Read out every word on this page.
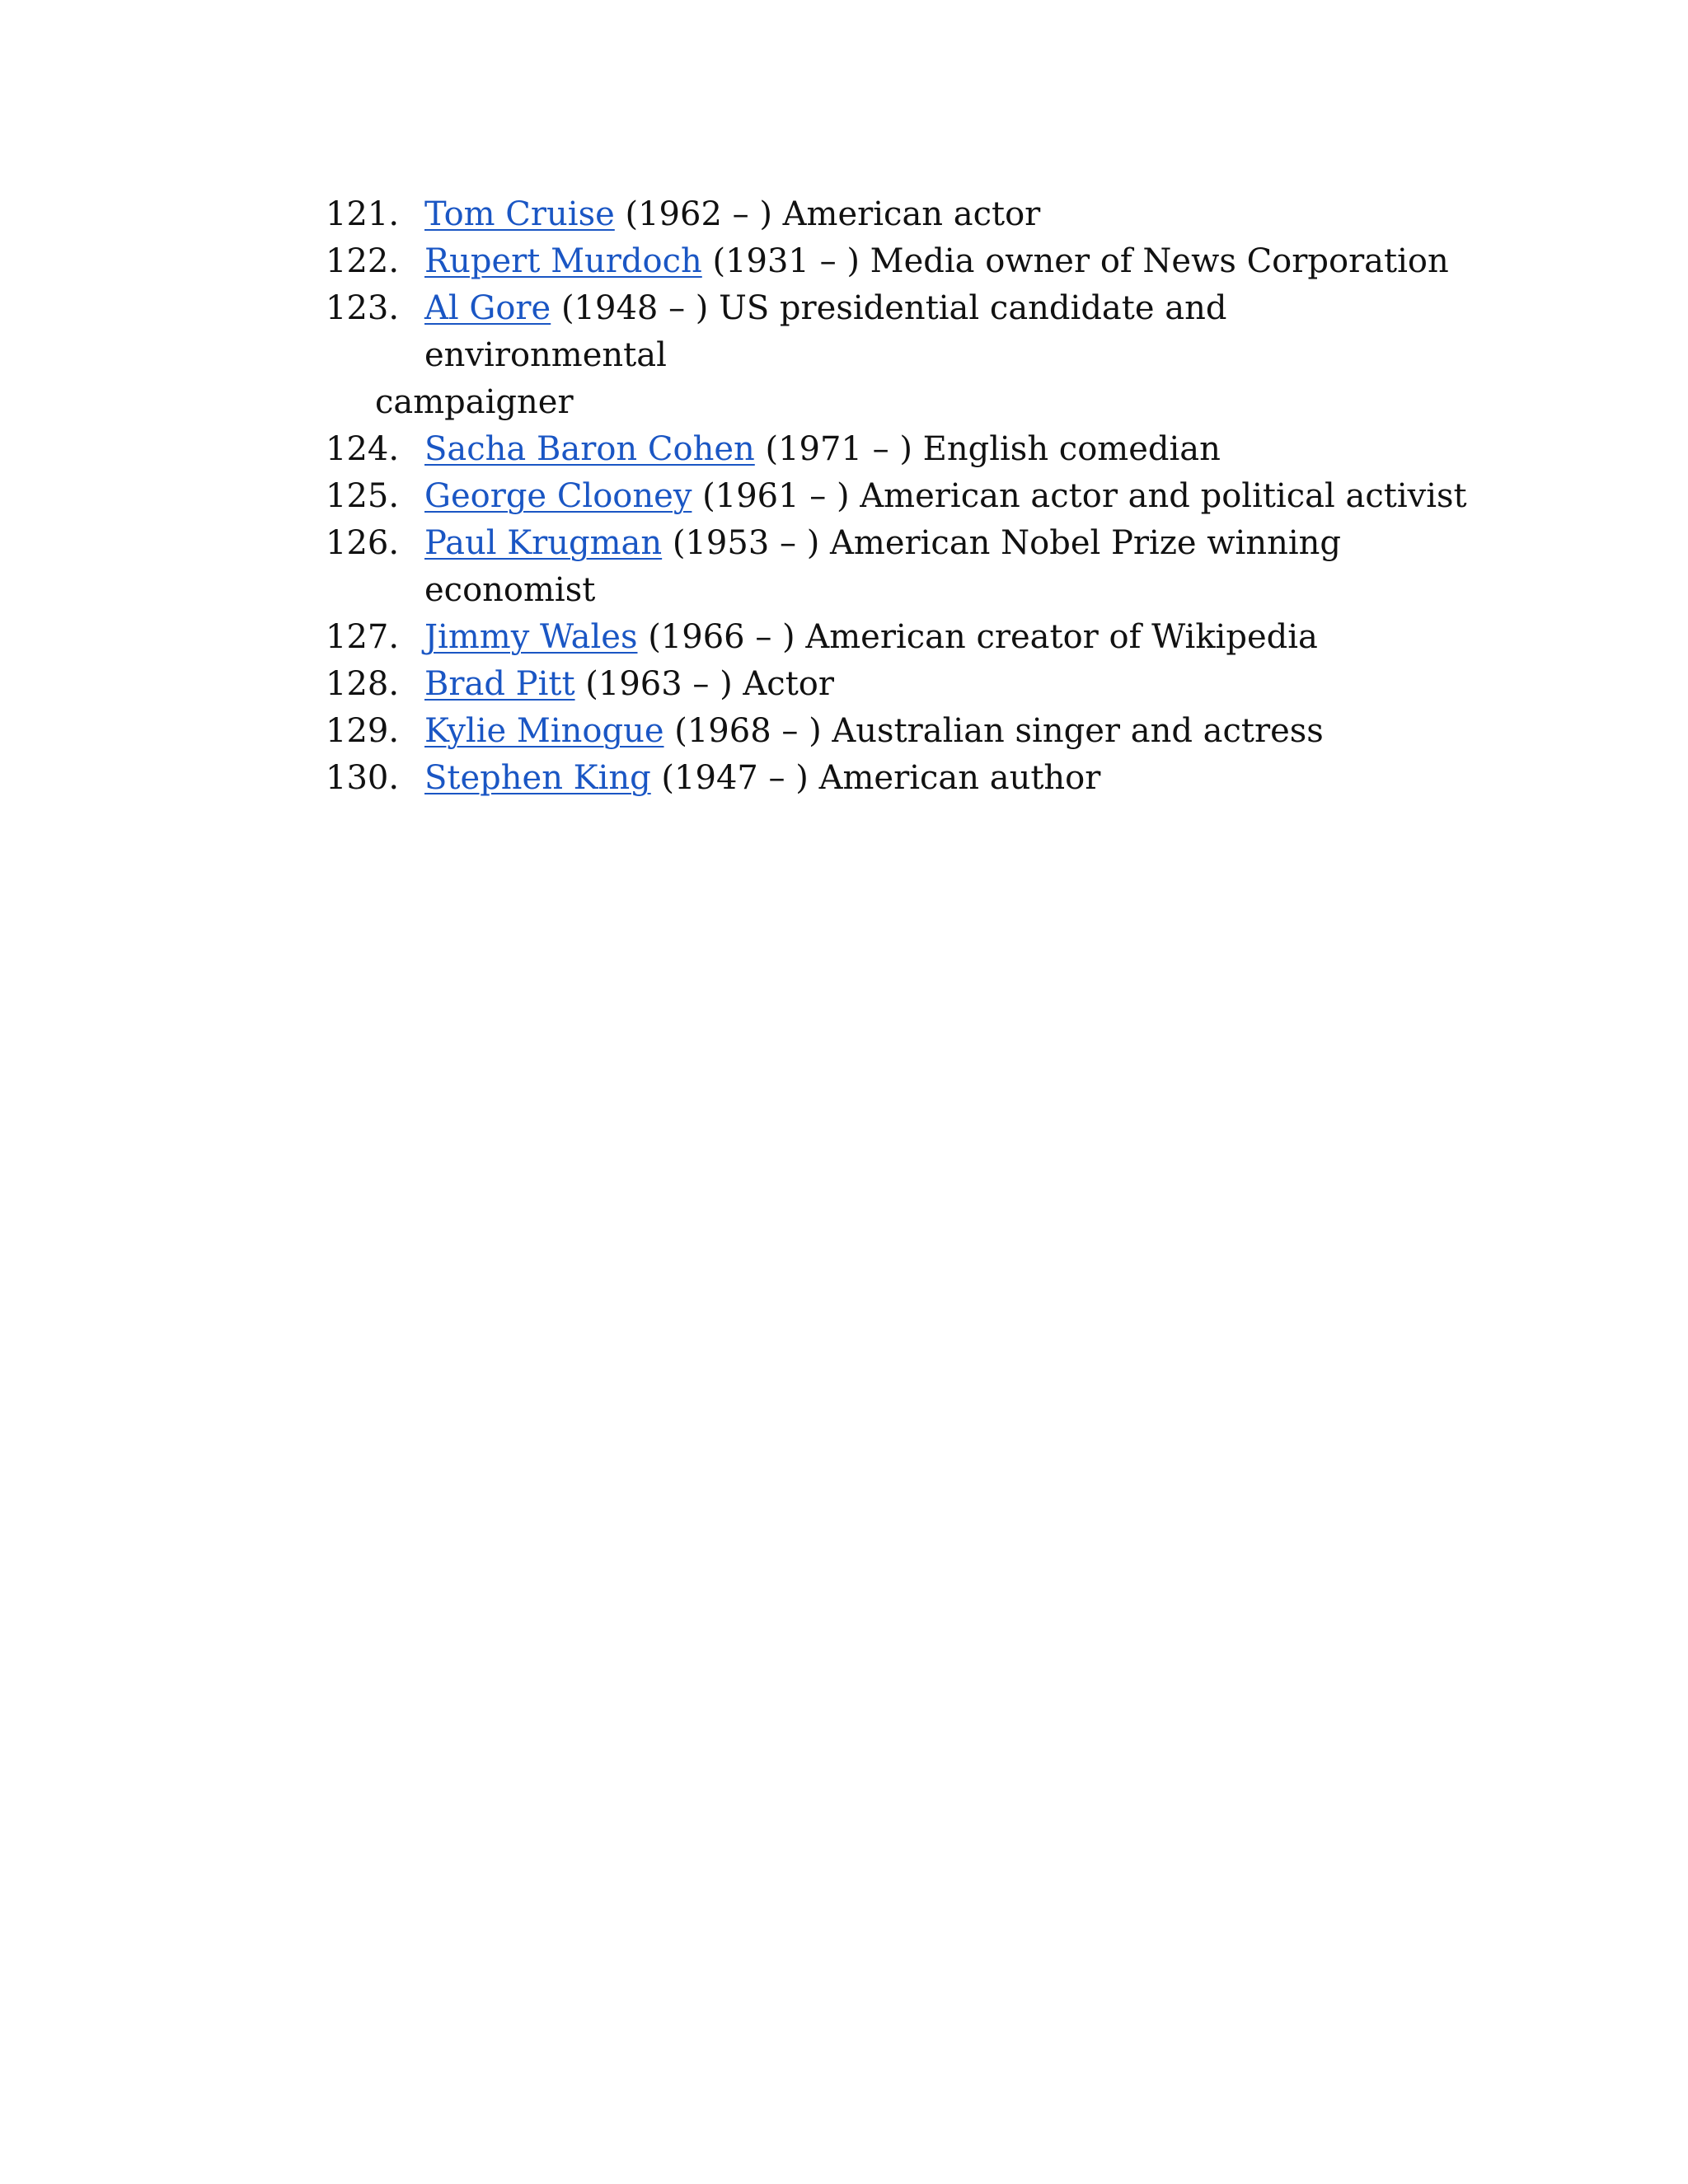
121. Tom Cruise (1962 – ) American actor
122. Rupert Murdoch (1931 – ) Media owner of News Corporation
123. Al Gore (1948 – ) US presidential candidate and environmental
campaigner
124. Sacha Baron Cohen (1971 – ) English comedian
125. George Clooney (1961 – ) American actor and political activist
126. Paul Krugman (1953 – ) American Nobel Prize winning economist
127. Jimmy Wales (1966 – ) American creator of Wikipedia
128. Brad Pitt (1963 – ) Actor
129. Kylie Minogue (1968 – ) Australian singer and actress
130. Stephen King (1947 – ) American author
